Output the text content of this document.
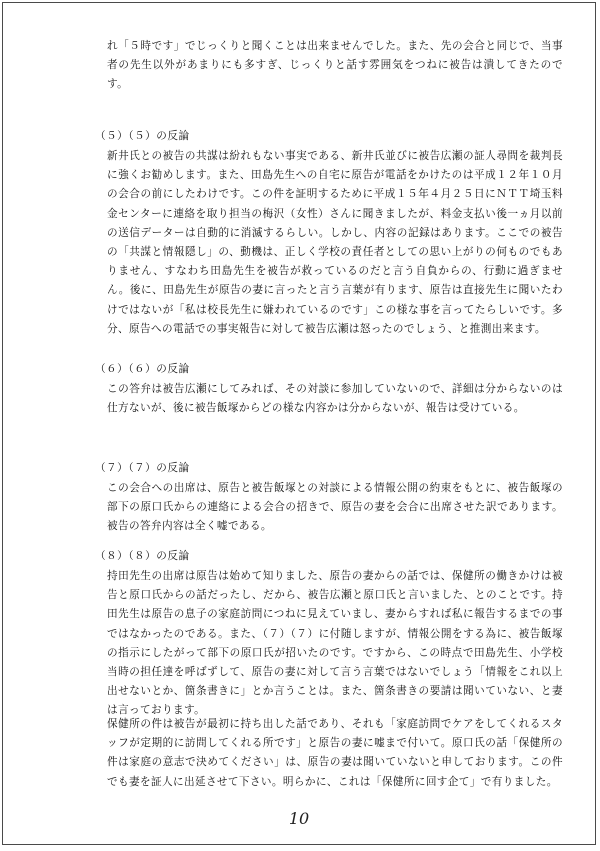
れ「５時です」でじっくりと聞くことは出来ませんでした。また、先の会合と同じで、当事者の先生以外があまりにも多すぎ、じっくりと話す雰囲気をつねに被告は潰してきたのです。

（５）（５）の反論

新井氏との被告の共謀は紛れもない事実である、新井氏並びに被告広瀬の証人尋問を裁判長に強くお勧めします。また、田島先生への自宅に原告が電話をかけたのは平成１２年１０月の会合の前にしたわけです。この件を証明するために平成１５年４月２５日にＮＴＴ埼玉料金センターに連絡を取り担当の梅沢（女性）さんに聞きましたが、料金支払い後一ヵ月以前の送信データーは自動的に消滅するらしい。しかし、内容の記録はあります。ここでの被告の「共謀と情報隠し」の、動機は、正しく学校の責任者としての思い上がりの何ものでもありません、すなわち田島先生を被告が救っているのだと言う自負からの、行動に過ぎません。後に、田島先生が原告の妻に言ったと言う言葉が有ります、原告は直接先生に聞いたわけではないが「私は校長先生に嫌われているのです」この様な事を言ってたらしいです。多分、原告への電話での事実報告に対して被告広瀬は怒ったのでしょう、と推測出来ます。

（６）（６）の反論

この答弁は被告広瀬にしてみれば、その対談に参加していないので、詳細は分からないのは仕方ないが、後に被告飯塚からどの様な内容かは分からないが、報告は受けている。

（７）（７）の反論

この会合への出席は、原告と被告飯塚との対談による情報公開の約束をもとに、被告飯塚の部下の原口氏からの連絡による会合の招きで、原告の妻を会合に出席させた訳であります。被告の答弁内容は全く嘘である。

（８）（８）の反論

持田先生の出席は原告は始めて知りました、原告の妻からの話では、保健所の働きかけは被告と原口氏からの話だったし、だから、被告広瀬と原口氏と言いました、とのことです。持田先生は原告の息子の家庭訪問につねに見えていまし、妻からすれば私に報告するまでの事ではなかったのである。また、（７）（７）に付随しますが、情報公開をする為に、被告飯塚の指示にしたがって部下の原口氏が招いたのです。ですから、この時点で田島先生、小学校当時の担任達を呼ばずして、原告の妻に対して言う言葉ではないでしょう「情報をこれ以上出せないとか、箇条書きに」とか言うことは。また、箇条書きの要請は聞いていない、と妻は言っております。

保健所の件は被告が最初に持ち出した話であり、それも「家庭訪問でケアをしてくれるスタッフが定期的に訪問してくれる所です」と原告の妻に嘘まで付いて。原口氏の話「保健所の件は家庭の意志で決めてください」は、原告の妻は聞いていないと申しております。この件でも妻を証人に出延させて下さい。明らかに、これは「保健所に回す企て」で有りました。

10
